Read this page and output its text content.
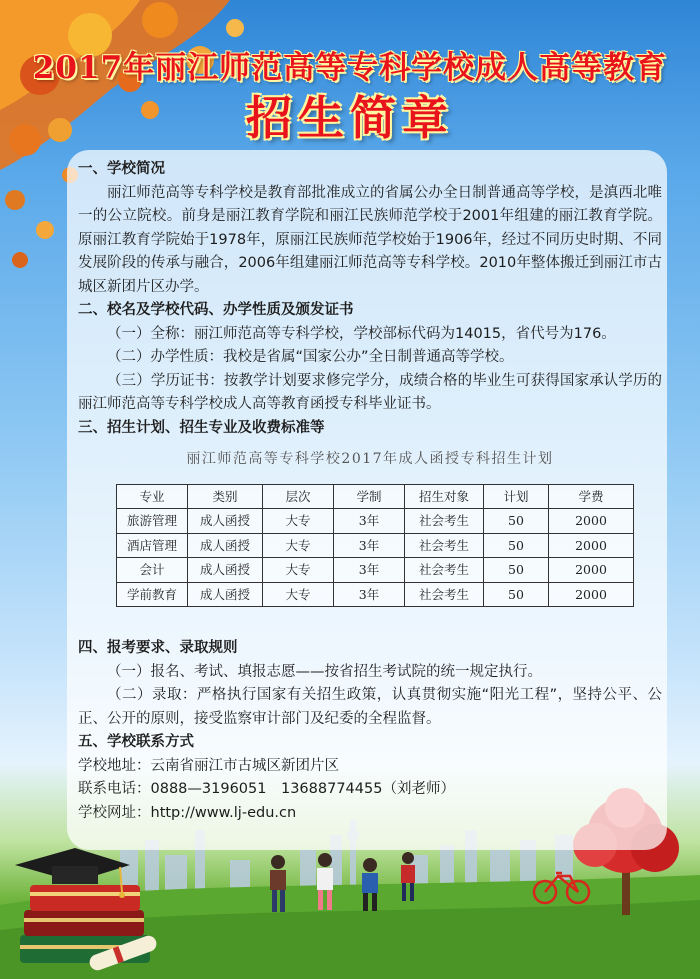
2017年丽江师范高等专科学校成人高等教育
招生简章

一、学校简况

丽江师范高等专科学校是教育部批准成立的省属公办全日制普通高等学校，是滇西北唯一的公立院校。前身是丽江教育学院和丽江民族师范学校于2001年组建的丽江教育学院。原丽江教育学院始于1978年，原丽江民族师范学校始于1906年，经过不同历史时期、不同发展阶段的传承与融合，2006年组建丽江师范高等专科学校。2010年整体搬迁到丽江市古城区新团片区办学。

二、校名及学校代码、办学性质及颁发证书

（一）全称：丽江师范高等专科学校，学校部标代码为14015，省代号为176。

（二）办学性质：我校是省属“国家公办”全日制普通高等学校。

（三）学历证书：按教学计划要求修完学分，成绩合格的毕业生可获得国家承认学历的丽江师范高等专科学校成人高等教育函授专科毕业证书。

三、招生计划、招生专业及收费标准等

丽江师范高等专科学校2017年成人函授专科招生计划
专业	类别	层次	学制	招生对象	计划	学费
旅游管理	成人函授	大专	3年	社会考生	50	2000
酒店管理	成人函授	大专	3年	社会考生	50	2000
会计	成人函授	大专	3年	社会考生	50	2000
学前教育	成人函授	大专	3年	社会考生	50	2000

四、报考要求、录取规则

（一）报名、考试、填报志愿——按省招生考试院的统一规定执行。

（二）录取：严格执行国家有关招生政策，认真贯彻实施“阳光工程”，坚持公平、公正、公开的原则，接受监察审计部门及纪委的全程监督。

五、学校联系方式

学校地址：云南省丽江市古城区新团片区

联系电话：0888—3196051　13688774455（刘老师）

学校网址：http://www.lj-edu.cn
